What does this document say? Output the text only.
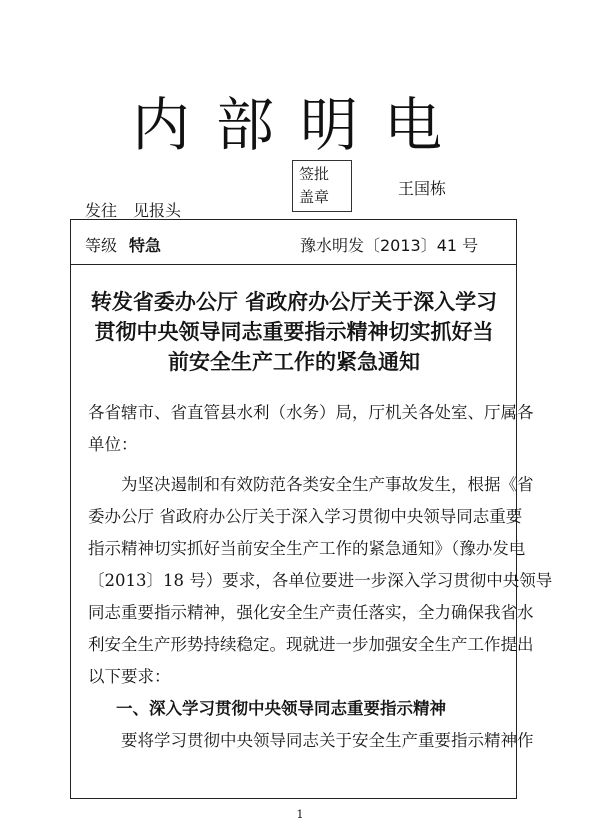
内部明电
签批
盖章	王国栋
发往　见报头
等级 特急	豫水明发〔2013〕41 号
转发省委办公厅 省政府办公厅关于深入学习
贯彻中央领导同志重要指示精神切实抓好当
前安全生产工作的紧急通知
各省辖市、省直管县水利（水务）局，厅机关各处室、厅属各
单位：
为坚决遏制和有效防范各类安全生产事故发生，根据《省
委办公厅 省政府办公厅关于深入学习贯彻中央领导同志重要
指示精神切实抓好当前安全生产工作的紧急通知》（豫办发电
〔2013〕18 号）要求，各单位要进一步深入学习贯彻中央领导
同志重要指示精神，强化安全生产责任落实，全力确保我省水
利安全生产形势持续稳定。现就进一步加强安全生产工作提出
以下要求：
一、深入学习贯彻中央领导同志重要指示精神
要将学习贯彻中央领导同志关于安全生产重要指示精神作
1
